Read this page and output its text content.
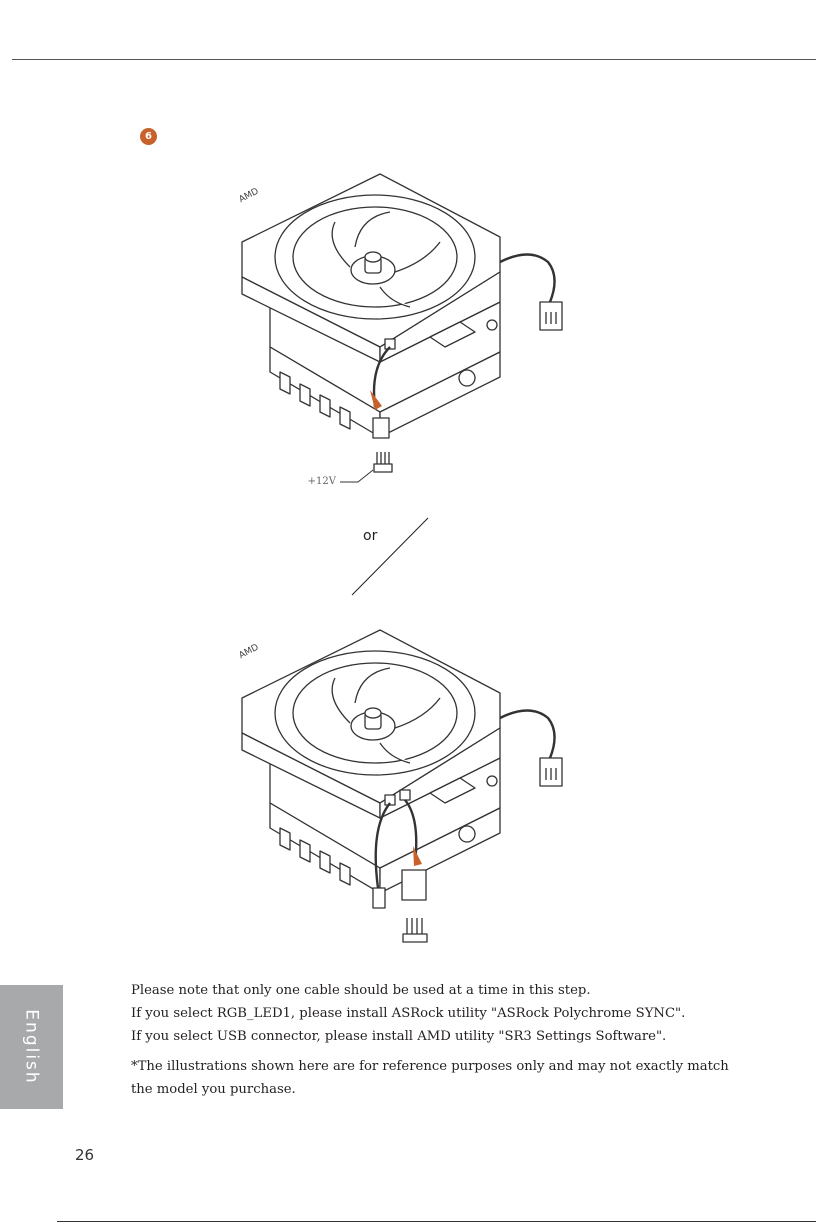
6
AMD
+12V
or
AMD

Please note that only one cable should be used at a time in this step.

If you select RGB_LED1, please install ASRock utility "ASRock Polychrome SYNC".

If you select USB connector, please install AMD utility "SR3 Settings Software".

*The illustrations shown here are for reference purposes only and may not exactly match the model you purchase.

English
26
